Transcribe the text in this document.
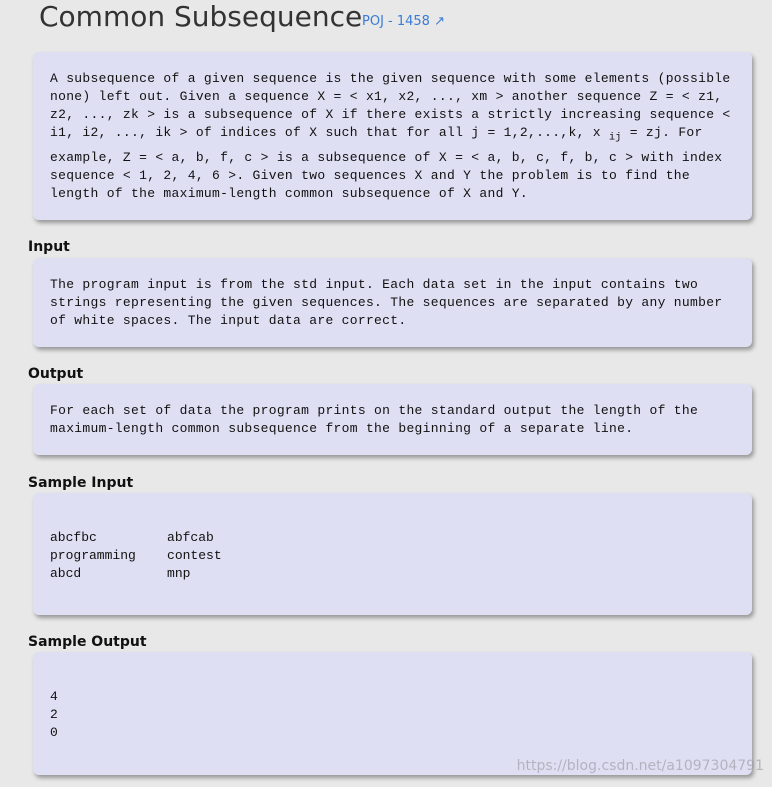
Common Subsequence POJ - 1458 ↗
A subsequence of a given sequence is the given sequence with some elements (possible
none) left out. Given a sequence X = < x1, x2, ..., xm > another sequence Z = < z1,
z2, ..., zk > is a subsequence of X if there exists a strictly increasing sequence <
i1, i2, ..., ik > of indices of X such that for all j = 1,2,...,k, x $_{ij}$ = zj. For
example, Z = < a, b, f, c > is a subsequence of X = < a, b, c, f, b, c > with index
sequence < 1, 2, 4, 6 >. Given two sequences X and Y the problem is to find the
length of the maximum-length common subsequence of X and Y.
Input
The program input is from the std input. Each data set in the input contains two
strings representing the given sequences. The sequences are separated by any number
of white spaces. The input data are correct.
Output
For each set of data the program prints on the standard output the length of the
maximum-length common subsequence from the beginning of a separate line.
Sample Input
abcfbc         abfcab
programming    contest
abcd           mnp
Sample Output
4
2
0
https://blog.csdn.net/a1097304791
